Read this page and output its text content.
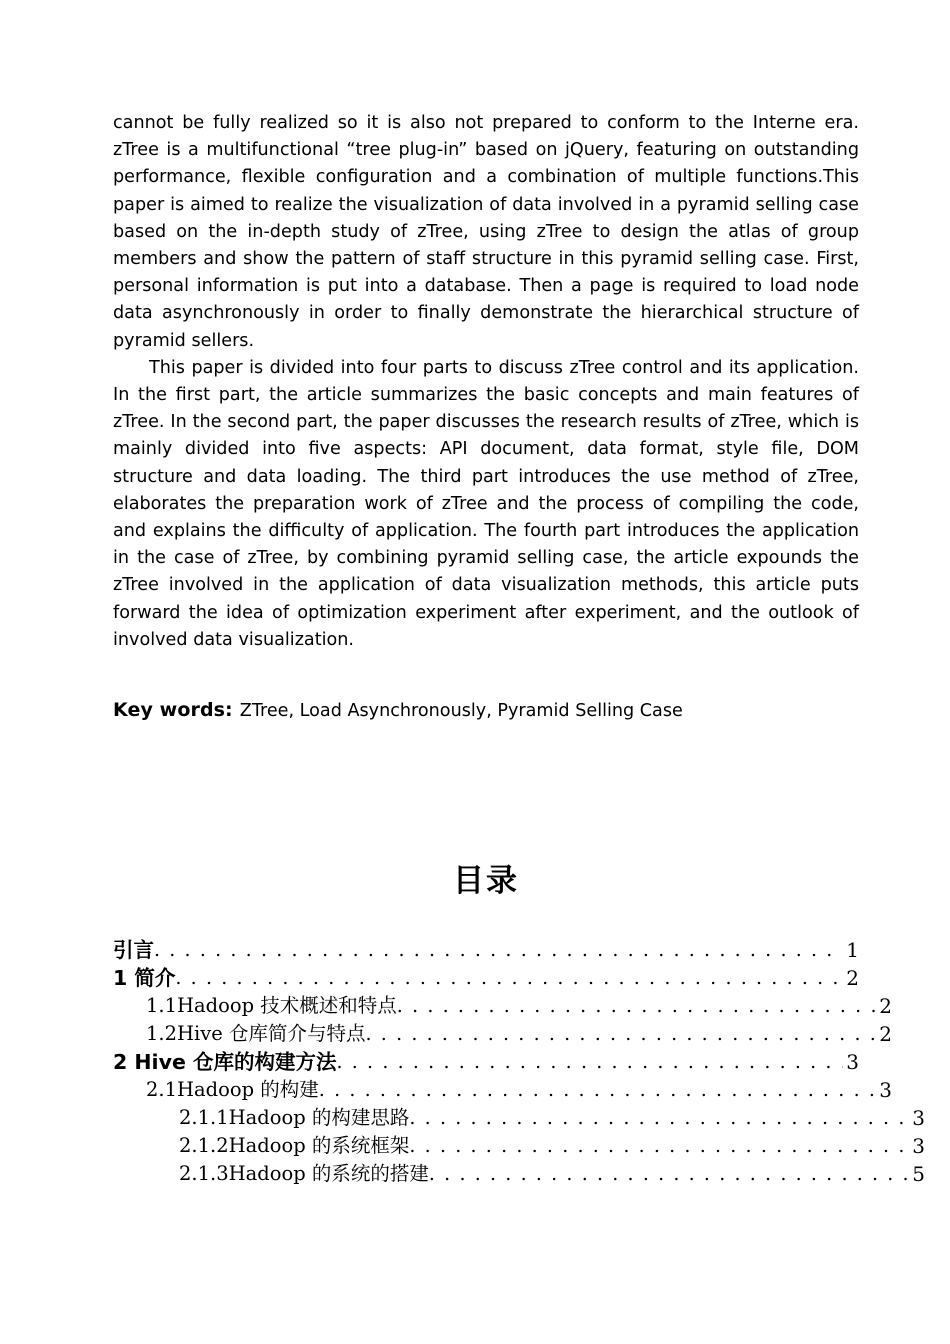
cannot be fully realized so it is also not prepared to conform to the Interne era. zTree is a multifunctional “tree plug-in” based on jQuery, featuring on outstanding performance, flexible configuration and a combination of multiple functions.This paper is aimed to realize the visualization of data involved in a pyramid selling case based on the in-depth study of zTree, using zTree to design the atlas of group members and show the pattern of staff structure in this pyramid selling case. First, personal information is put into a database. Then a page is required to load node data asynchronously in order to finally demonstrate the hierarchical structure of pyramid sellers.

This paper is divided into four parts to discuss zTree control and its application. In the first part, the article summarizes the basic concepts and main features of zTree. In the second part, the paper discusses the research results of zTree, which is mainly divided into five aspects: API document, data format, style file, DOM structure and data loading. The third part introduces the use method of zTree, elaborates the preparation work of zTree and the process of compiling the code, and explains the difficulty of application. The fourth part introduces the application in the case of zTree, by combining pyramid selling case, the article expounds the zTree involved in the application of data visualization methods, this article puts forward the idea of optimization experiment after experiment, and the outlook of involved data visualization.

Key words: ZTree, Load Asynchronously, Pyramid Selling Case
目录
引言 . . .	1
1 简介 . . .	2
1.1Hadoop 技术概述和特点 . . .	2
1.2Hive 仓库简介与特点 . . .	2
2 Hive 仓库的构建方法 . . .	3
2.1Hadoop 的构建 . . .	3
2.1.1Hadoop 的构建思路 . . .	3
2.1.2Hadoop 的系统框架 . . .	3
2.1.3Hadoop 的系统的搭建 . . .	5
